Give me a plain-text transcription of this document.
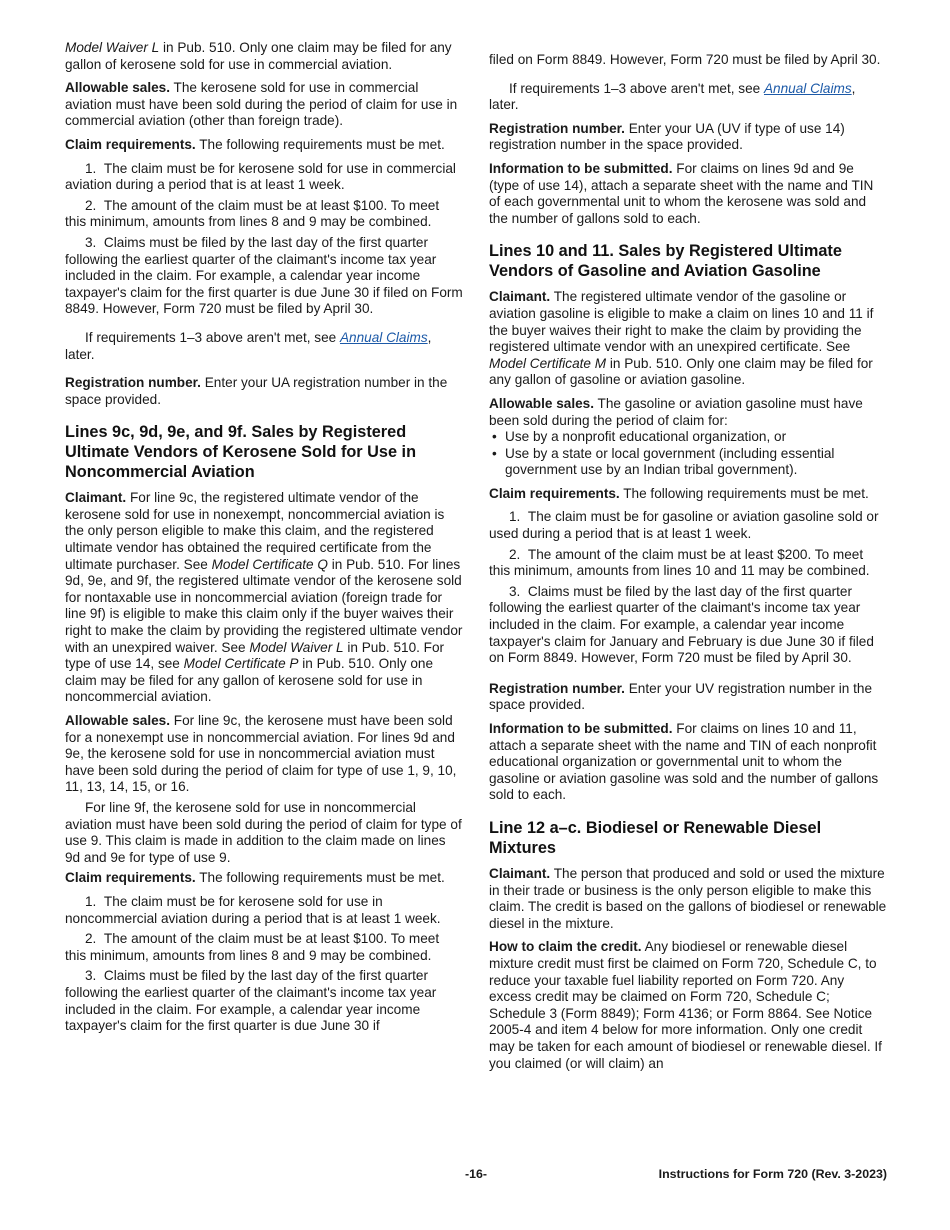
Model Waiver L in Pub. 510. Only one claim may be filed for any gallon of kerosene sold for use in commercial aviation.

Allowable sales. The kerosene sold for use in commercial aviation must have been sold during the period of claim for use in commercial aviation (other than foreign trade).

Claim requirements. The following requirements must be met.

1.  The claim must be for kerosene sold for use in commercial aviation during a period that is at least 1 week.

2.  The amount of the claim must be at least $100. To meet this minimum, amounts from lines 8 and 9 may be combined.

3.  Claims must be filed by the last day of the first quarter following the earliest quarter of the claimant's income tax year included in the claim. For example, a calendar year income taxpayer's claim for the first quarter is due June 30 if filed on Form 8849. However, Form 720 must be filed by April 30.

If requirements 1–3 above aren't met, see Annual Claims, later.

Registration number. Enter your UA registration number in the space provided.

Lines 9c, 9d, 9e, and 9f. Sales by Registered Ultimate Vendors of Kerosene Sold for Use in Noncommercial Aviation

Claimant. For line 9c, the registered ultimate vendor of the kerosene sold for use in nonexempt, noncommercial aviation is the only person eligible to make this claim, and the registered ultimate vendor has obtained the required certificate from the ultimate purchaser. See Model Certificate Q in Pub. 510. For lines 9d, 9e, and 9f, the registered ultimate vendor of the kerosene sold for nontaxable use in noncommercial aviation (foreign trade for line 9f) is eligible to make this claim only if the buyer waives their right to make the claim by providing the registered ultimate vendor with an unexpired waiver. See Model Waiver L in Pub. 510. For type of use 14, see Model Certificate P in Pub. 510. Only one claim may be filed for any gallon of kerosene sold for use in noncommercial aviation.

Allowable sales. For line 9c, the kerosene must have been sold for a nonexempt use in noncommercial aviation. For lines 9d and 9e, the kerosene sold for use in noncommercial aviation must have been sold during the period of claim for type of use 1, 9, 10, 11, 13, 14, 15, or 16.

For line 9f, the kerosene sold for use in noncommercial aviation must have been sold during the period of claim for type of use 9. This claim is made in addition to the claim made on lines 9d and 9e for type of use 9.

Claim requirements. The following requirements must be met.

1.  The claim must be for kerosene sold for use in noncommercial aviation during a period that is at least 1 week.

2.  The amount of the claim must be at least $100. To meet this minimum, amounts from lines 8 and 9 may be combined.

3.  Claims must be filed by the last day of the first quarter following the earliest quarter of the claimant's income tax year included in the claim. For example, a calendar year income taxpayer's claim for the first quarter is due June 30 if

filed on Form 8849. However, Form 720 must be filed by April 30.

If requirements 1–3 above aren't met, see Annual Claims, later.

Registration number. Enter your UA (UV if type of use 14) registration number in the space provided.

Information to be submitted. For claims on lines 9d and 9e (type of use 14), attach a separate sheet with the name and TIN of each governmental unit to whom the kerosene was sold and the number of gallons sold to each.

Lines 10 and 11. Sales by Registered Ultimate Vendors of Gasoline and Aviation Gasoline

Claimant. The registered ultimate vendor of the gasoline or aviation gasoline is eligible to make a claim on lines 10 and 11 if the buyer waives their right to make the claim by providing the registered ultimate vendor with an unexpired certificate. See Model Certificate M in Pub. 510. Only one claim may be filed for any gallon of gasoline or aviation gasoline.

Allowable sales. The gasoline or aviation gasoline must have been sold during the period of claim for:

• Use by a nonprofit educational organization, or
• Use by a state or local government (including essential government use by an Indian tribal government).

Claim requirements. The following requirements must be met.

1.  The claim must be for gasoline or aviation gasoline sold or used during a period that is at least 1 week.

2.  The amount of the claim must be at least $200. To meet this minimum, amounts from lines 10 and 11 may be combined.

3.  Claims must be filed by the last day of the first quarter following the earliest quarter of the claimant's income tax year included in the claim. For example, a calendar year income taxpayer's claim for January and February is due June 30 if filed on Form 8849. However, Form 720 must be filed by April 30.

Registration number. Enter your UV registration number in the space provided.

Information to be submitted. For claims on lines 10 and 11, attach a separate sheet with the name and TIN of each nonprofit educational organization or governmental unit to whom the gasoline or aviation gasoline was sold and the number of gallons sold to each.

Line 12 a–c. Biodiesel or Renewable Diesel Mixtures

Claimant. The person that produced and sold or used the mixture in their trade or business is the only person eligible to make this claim. The credit is based on the gallons of biodiesel or renewable diesel in the mixture.

How to claim the credit. Any biodiesel or renewable diesel mixture credit must first be claimed on Form 720, Schedule C, to reduce your taxable fuel liability reported on Form 720. Any excess credit may be claimed on Form 720, Schedule C; Schedule 3 (Form 8849); Form 4136; or Form 8864. See Notice 2005-4 and item 4 below for more information. Only one credit may be taken for each amount of biodiesel or renewable diesel. If you claimed (or will claim) an

-16-	Instructions for Form 720 (Rev. 3-2023)
